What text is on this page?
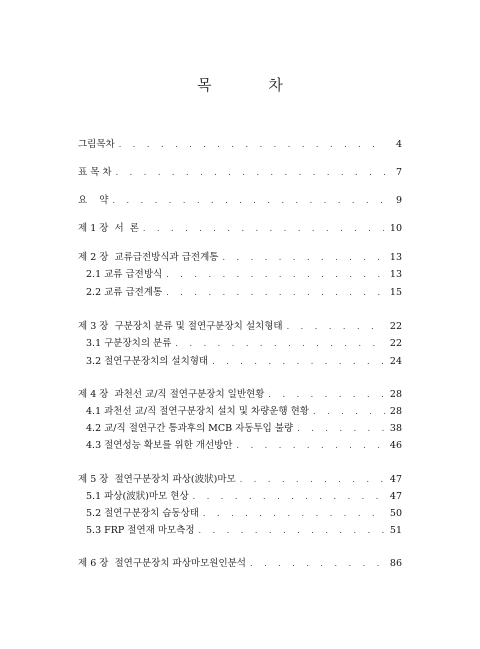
목 차
그림목차 . . .	4
표 목 차 . . .	7
요    약 . . .	9
제 1 장  서  론 . . .	10
제 2 장  교류급전방식과 급전계통 . . .	13
2.1 교류 급전방식 . . .	13
2.2 교류 급전계통 . . .	15
제 3 장  구분장치 분류 및 절연구분장치 설치형태 . . .	22
3.1 구분장치의 분류 . . .	22
3.2 절연구분장치의 설치형태 . . .	24
제 4 장  과천선 교/직 절연구분장치 일반현황 . . .	28
4.1 과천선 교/직 절연구분장치 설치 및 차량운행 현황 . . .	28
4.2 교/직 절연구간 통과후의 MCB 자동투입 불량 . . .	38
4.3 절연성능 확보를 위한 개선방안 . . .	46
제 5 장  절연구분장치 파상(波狀)마모 . . .	47
5.1 파상(波狀)마모 현상 . . .	47
5.2 절연구분장치 습동상태 . . .	50
5.3 FRP 절연재 마모측정 . . .	51
제 6 장  절연구분장치 파상마모원인분석 . . .	86
